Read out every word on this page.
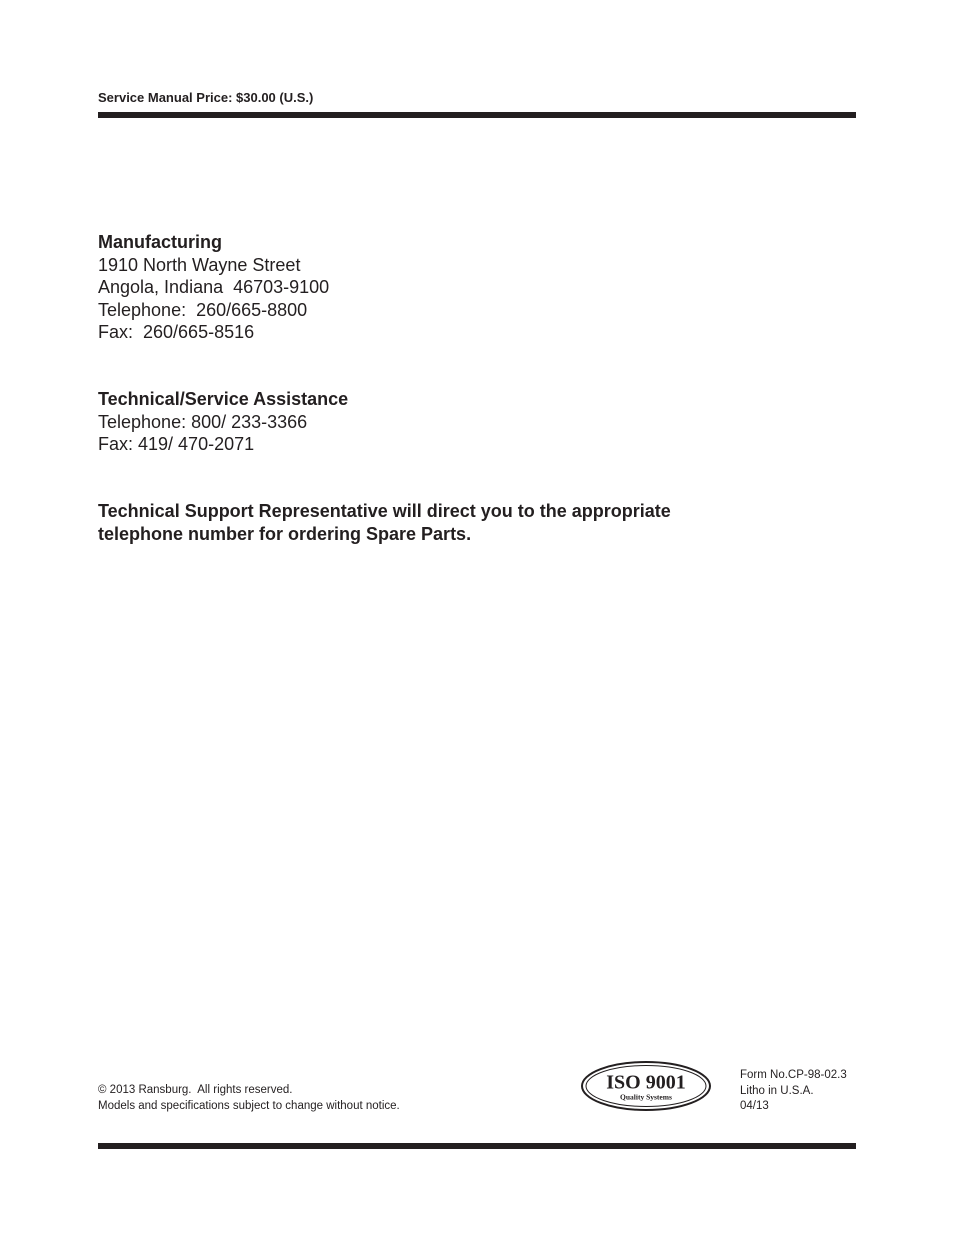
Service Manual Price: $30.00 (U.S.)
Manufacturing
1910 North Wayne Street
Angola, Indiana  46703-9100
Telephone:  260/665-8800
Fax:  260/665-8516
Technical/Service Assistance
Telephone: 800/ 233-3366
Fax: 419/ 470-2071
Technical Support Representative will direct you to the appropriate
telephone number for ordering Spare Parts.
© 2013 Ransburg.  All rights reserved.
Models and specifications subject to change without notice.
ISO 9001
Quality Systems
Form No.CP-98-02.3
Litho in U.S.A.
04/13
